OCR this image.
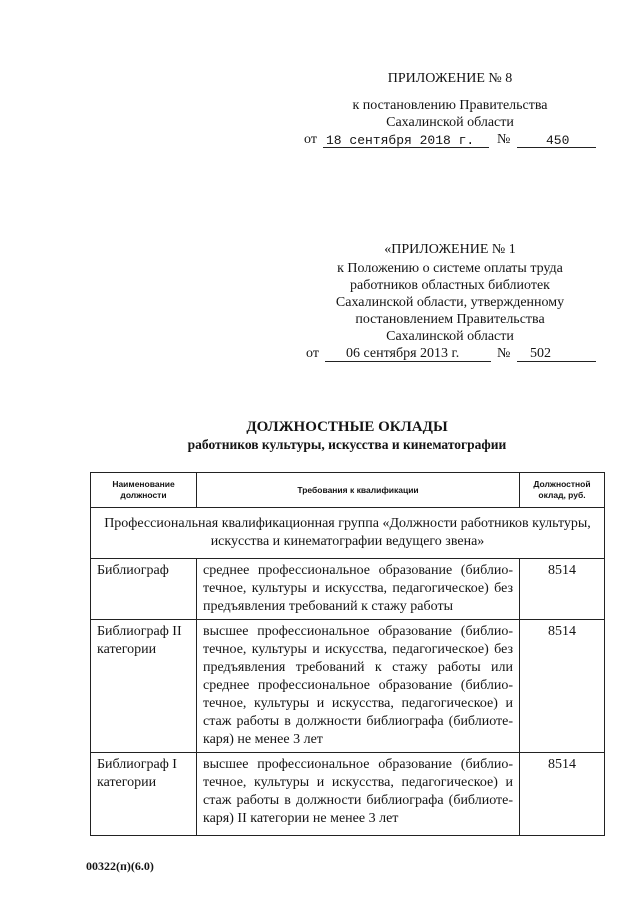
ПРИЛОЖЕНИЕ № 8
к постановлению Правительства
Сахалинской области
от 18 сентября 2018 г. №	450
«ПРИЛОЖЕНИЕ № 1
к Положению о системе оплаты труда
работников областных библиотек
Сахалинской области, утвержденному
постановлением Правительства
Сахалинской области
от 06 сентября 2013 г.	№ 502
ДОЛЖНОСТНЫЕ ОКЛАДЫ
работников культуры, искусства и кинематографии
Наименование должности	Требования к квалификации	Должностной оклад, руб.
Профессиональная квалификационная группа «Должности работников культуры, искусства и кинематографии ведущего звена»		
Библиограф	среднее профессиональное образование (библио-течное, культуры и искусства, педагогическое) без предъявления требований к стажу работы	8514
Библиограф II категории	высшее профессиональное образование (библио-течное, культуры и искусства, педагогическое) без предъявления требований к стажу работы или среднее профессиональное образование (библио-течное, культуры и искусства, педагогическое) и стаж работы в должности библиографа (библиоте-каря) не менее 3 лет	8514
Библиограф I категории	высшее профессиональное образование (библио-течное, культуры и искусства, педагогическое) и стаж работы в должности библиографа (библиоте-каря) II категории не менее 3 лет	8514
00322(п)(6.0)
